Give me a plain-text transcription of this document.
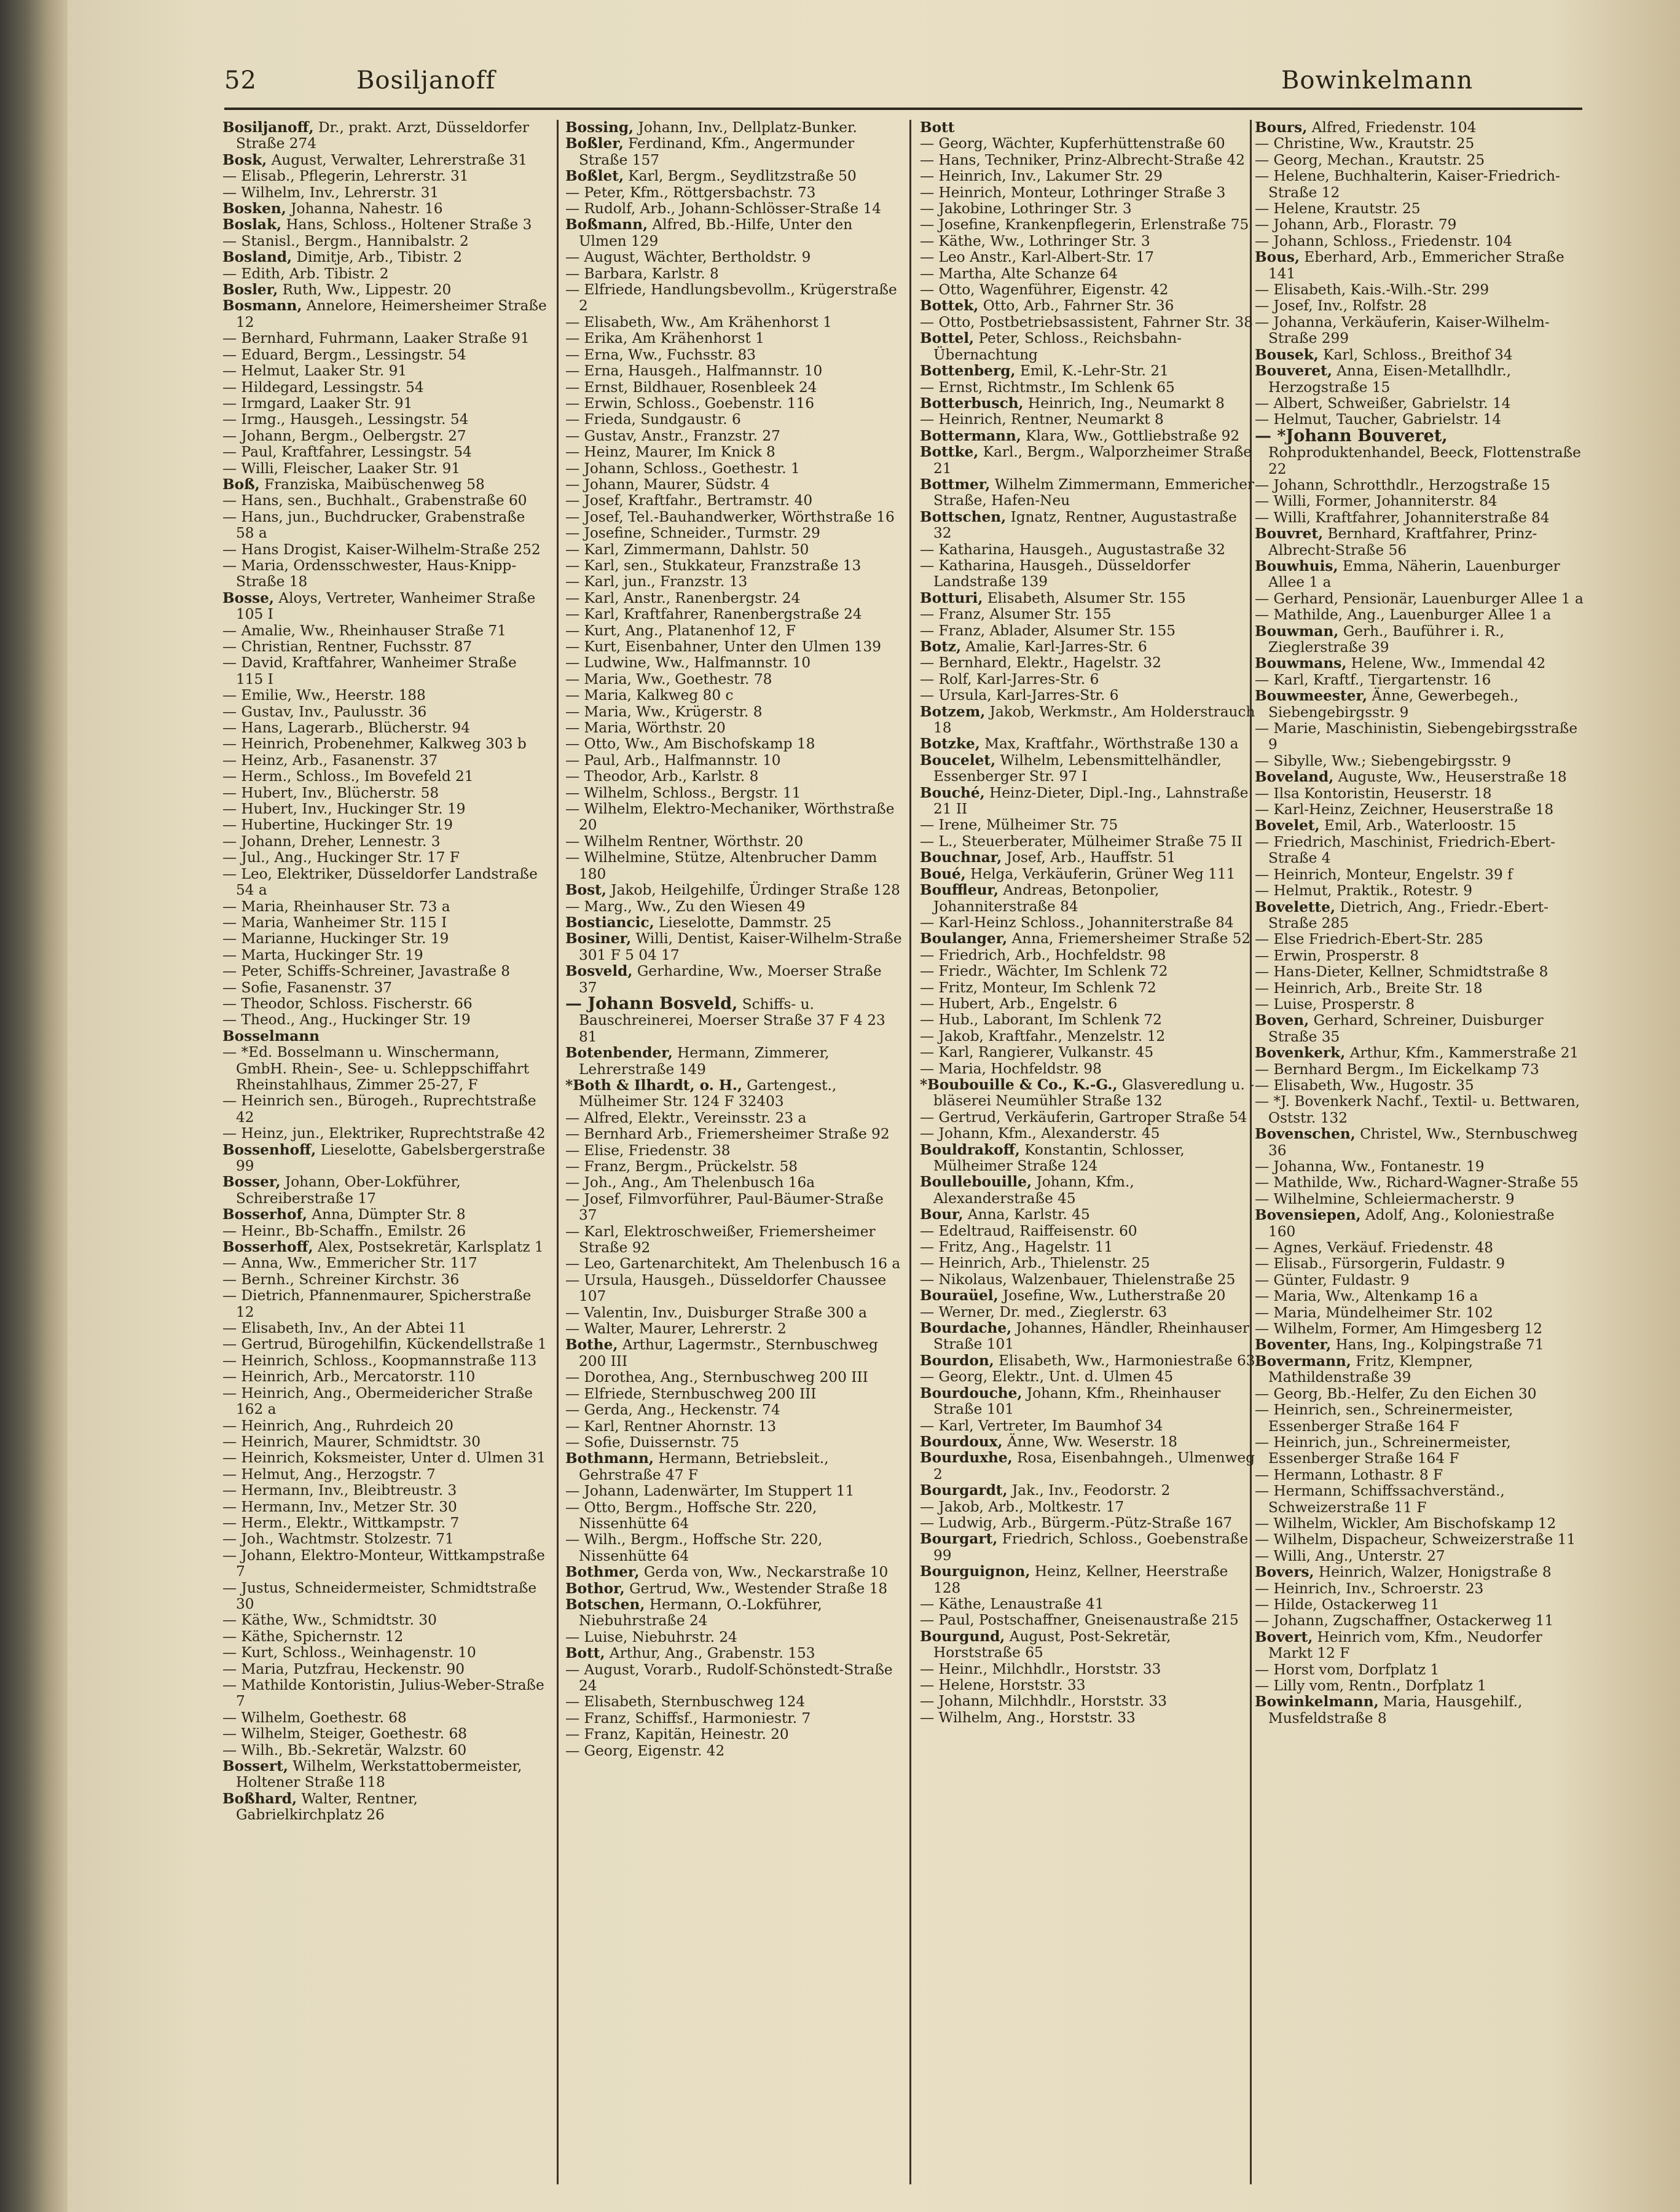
52	Bosiljanoff	Bowinkelmann

Bosiljanoff, Dr., prakt. Arzt, Düsseldorfer Straße 274

Bosk, August, Verwalter, Lehrerstraße 31

— Elisab., Pflegerin, Lehrerstr. 31

— Wilhelm, Inv., Lehrerstr. 31

Bosken, Johanna, Nahestr. 16

Boslak, Hans, Schloss., Holtener Straße 3

— Stanisl., Bergm., Hannibalstr. 2

Bosland, Dimitje, Arb., Tibistr. 2

— Edith, Arb. Tibistr. 2

Bosler, Ruth, Ww., Lippestr. 20

Bosmann, Annelore, Heimersheimer Straße 12

— Bernhard, Fuhrmann, Laaker Straße 91

— Eduard, Bergm., Lessingstr. 54

— Helmut, Laaker Str. 91

— Hildegard, Lessingstr. 54

— Irmgard, Laaker Str. 91

— Irmg., Hausgeh., Lessingstr. 54

— Johann, Bergm., Oelbergstr. 27

— Paul, Kraftfahrer, Lessingstr. 54

— Willi, Fleischer, Laaker Str. 91

Boß, Franziska, Maibüschenweg 58

— Hans, sen., Buchhalt., Grabenstraße 60

— Hans, jun., Buchdrucker, Grabenstraße 58 a

— Hans Drogist, Kaiser-Wilhelm-Straße 252

— Maria, Ordensschwester, Haus-Knipp-Straße 18

Bosse, Aloys, Vertreter, Wanheimer Straße 105 I

— Amalie, Ww., Rheinhauser Straße 71

— Christian, Rentner, Fuchsstr. 87

— David, Kraftfahrer, Wanheimer Straße 115 I

— Emilie, Ww., Heerstr. 188

— Gustav, Inv., Paulusstr. 36

— Hans, Lagerarb., Blücherstr. 94

— Heinrich, Probenehmer, Kalkweg 303 b

— Heinz, Arb., Fasanenstr. 37

— Herm., Schloss., Im Bovefeld 21

— Hubert, Inv., Blücherstr. 58

— Hubert, Inv., Huckinger Str. 19

— Hubertine, Huckinger Str. 19

— Johann, Dreher, Lennestr. 3

— Jul., Ang., Huckinger Str. 17 F

— Leo, Elektriker, Düsseldorfer Landstraße 54 a

— Maria, Rheinhauser Str. 73 a

— Maria, Wanheimer Str. 115 I

— Marianne, Huckinger Str. 19

— Marta, Huckinger Str. 19

— Peter, Schiffs-Schreiner, Javastraße 8

— Sofie, Fasanenstr. 37

— Theodor, Schloss. Fischerstr. 66

— Theod., Ang., Huckinger Str. 19

Bosselmann

— *Ed. Bosselmann u. Winschermann, GmbH. Rhein-, See- u. Schleppschiffahrt Rheinstahlhaus, Zimmer 25-27, F

— Heinrich sen., Bürogeh., Ruprechtstraße 42

— Heinz, jun., Elektriker, Ruprechtstraße 42

Bossenhoff, Lieselotte, Gabelsbergerstraße 99

Bosser, Johann, Ober-Lokführer, Schreiberstraße 17

Bosserhof, Anna, Dümpter Str. 8

— Heinr., Bb-Schaffn., Emilstr. 26

Bosserhoff, Alex, Postsekretär, Karlsplatz 1

— Anna, Ww., Emmericher Str. 117

— Bernh., Schreiner Kirchstr. 36

— Dietrich, Pfannenmaurer, Spicherstraße 12

— Elisabeth, Inv., An der Abtei 11

— Gertrud, Bürogehilfin, Kückendellstraße 1

— Heinrich, Schloss., Koopmannstraße 113

— Heinrich, Arb., Mercatorstr. 110

— Heinrich, Ang., Obermeidericher Straße 162 a

— Heinrich, Ang., Ruhrdeich 20

— Heinrich, Maurer, Schmidtstr. 30

— Heinrich, Koksmeister, Unter d. Ulmen 31

— Helmut, Ang., Herzogstr. 7

— Hermann, Inv., Bleibtreustr. 3

— Hermann, Inv., Metzer Str. 30

— Herm., Elektr., Wittkampstr. 7

— Joh., Wachtmstr. Stolzestr. 71

— Johann, Elektro-Monteur, Wittkampstraße 7

— Justus, Schneidermeister, Schmidtstraße 30

— Käthe, Ww., Schmidtstr. 30

— Käthe, Spichernstr. 12

— Kurt, Schloss., Weinhagenstr. 10

— Maria, Putzfrau, Heckenstr. 90

— Mathilde Kontoristin, Julius-Weber-Straße 7

— Wilhelm, Goethestr. 68

— Wilhelm, Steiger, Goethestr. 68

— Wilh., Bb.-Sekretär, Walzstr. 60

Bossert, Wilhelm, Werkstattobermeister, Holtener Straße 118

Boßhard, Walter, Rentner, Gabrielkirchplatz 26

Bossing, Johann, Inv., Dellplatz-Bunker.

Boßler, Ferdinand, Kfm., Angermunder Straße 157

Boßlet, Karl, Bergm., Seydlitzstraße 50

— Peter, Kfm., Röttgersbachstr. 73

— Rudolf, Arb., Johann-Schlösser-Straße 14

Boßmann, Alfred, Bb.-Hilfe, Unter den Ulmen 129

— August, Wächter, Bertholdstr. 9

— Barbara, Karlstr. 8

— Elfriede, Handlungsbevollm., Krügerstraße 2

— Elisabeth, Ww., Am Krähenhorst 1

— Erika, Am Krähenhorst 1

— Erna, Ww., Fuchsstr. 83

— Erna, Hausgeh., Halfmannstr. 10

— Ernst, Bildhauer, Rosenbleek 24

— Erwin, Schloss., Goebenstr. 116

— Frieda, Sundgaustr. 6

— Gustav, Anstr., Franzstr. 27

— Heinz, Maurer, Im Knick 8

— Johann, Schloss., Goethestr. 1

— Johann, Maurer, Südstr. 4

— Josef, Kraftfahr., Bertramstr. 40

— Josef, Tel.-Bauhandwerker, Wörthstraße 16

— Josefine, Schneider., Turmstr. 29

— Karl, Zimmermann, Dahlstr. 50

— Karl, sen., Stukkateur, Franzstraße 13

— Karl, jun., Franzstr. 13

— Karl, Anstr., Ranenbergstr. 24

— Karl, Kraftfahrer, Ranenbergstraße 24

— Kurt, Ang., Platanenhof 12, F

— Kurt, Eisenbahner, Unter den Ulmen 139

— Ludwine, Ww., Halfmannstr. 10

— Maria, Ww., Goethestr. 78

— Maria, Kalkweg 80 c

— Maria, Ww., Krügerstr. 8

— Maria, Wörthstr. 20

— Otto, Ww., Am Bischofskamp 18

— Paul, Arb., Halfmannstr. 10

— Theodor, Arb., Karlstr. 8

— Wilhelm, Schloss., Bergstr. 11

— Wilhelm, Elektro-Mechaniker, Wörthstraße 20

— Wilhelm Rentner, Wörthstr. 20

— Wilhelmine, Stütze, Altenbrucher Damm 180

Bost, Jakob, Heilgehilfe, Ürdinger Straße 128

— Marg., Ww., Zu den Wiesen 49

Bostiancic, Lieselotte, Dammstr. 25

Bosiner, Willi, Dentist, Kaiser-Wilhelm-Straße 301 F 5 04 17

Bosveld, Gerhardine, Ww., Moerser Straße 37

— Johann Bosveld, Schiffs- u. Bauschreinerei, Moerser Straße 37 F 4 23 81

Botenbender, Hermann, Zimmerer, Lehrerstraße 149

*Both & Ilhardt, o. H., Gartengest., Mülheimer Str. 124 F 32403

— Alfred, Elektr., Vereinsstr. 23 a

— Bernhard Arb., Friemersheimer Straße 92

— Elise, Friedenstr. 38

— Franz, Bergm., Prückelstr. 58

— Joh., Ang., Am Thelenbusch 16a

— Josef, Filmvorführer, Paul-Bäumer-Straße 37

— Karl, Elektroschweißer, Friemersheimer Straße 92

— Leo, Gartenarchitekt, Am Thelenbusch 16 a

— Ursula, Hausgeh., Düsseldorfer Chaussee 107

— Valentin, Inv., Duisburger Straße 300 a

— Walter, Maurer, Lehrerstr. 2

Bothe, Arthur, Lagermstr., Sternbuschweg 200 III

— Dorothea, Ang., Sternbuschweg 200 III

— Elfriede, Sternbuschweg 200 III

— Gerda, Ang., Heckenstr. 74

— Karl, Rentner Ahornstr. 13

— Sofie, Duissernstr. 75

Bothmann, Hermann, Betriebsleit., Gehrstraße 47 F

— Johann, Ladenwärter, Im Stuppert 11

— Otto, Bergm., Hoffsche Str. 220, Nissenhütte 64

— Wilh., Bergm., Hoffsche Str. 220, Nissenhütte 64

Bothmer, Gerda von, Ww., Neckarstraße 10

Bothor, Gertrud, Ww., Westender Straße 18

Botschen, Hermann, O.-Lokführer, Niebuhrstraße 24

— Luise, Niebuhrstr. 24

Bott, Arthur, Ang., Grabenstr. 153

— August, Vorarb., Rudolf-Schönstedt-Straße 24

— Elisabeth, Sternbuschweg 124

— Franz, Schiffsf., Harmoniestr. 7

— Franz, Kapitän, Heinestr. 20

— Georg, Eigenstr. 42

Bott

— Georg, Wächter, Kupferhüttenstraße 60

— Hans, Techniker, Prinz-Albrecht-Straße 42

— Heinrich, Inv., Lakumer Str. 29

— Heinrich, Monteur, Lothringer Straße 3

— Jakobine, Lothringer Str. 3

— Josefine, Krankenpflegerin, Erlenstraße 75

— Käthe, Ww., Lothringer Str. 3

— Leo Anstr., Karl-Albert-Str. 17

— Martha, Alte Schanze 64

— Otto, Wagenführer, Eigenstr. 42

Bottek, Otto, Arb., Fahrner Str. 36

— Otto, Postbetriebsassistent, Fahrner Str. 38

Bottel, Peter, Schloss., Reichsbahn-Übernachtung

Bottenberg, Emil, K.-Lehr-Str. 21

— Ernst, Richtmstr., Im Schlenk 65

Botterbusch, Heinrich, Ing., Neumarkt 8

— Heinrich, Rentner, Neumarkt 8

Bottermann, Klara, Ww., Gottliebstraße 92

Bottke, Karl., Bergm., Walporzheimer Straße 21

Bottmer, Wilhelm Zimmermann, Emmericher Straße, Hafen-Neu

Bottschen, Ignatz, Rentner, Augustastraße 32

— Katharina, Hausgeh., Augustastraße 32

— Katharina, Hausgeh., Düsseldorfer Landstraße 139

Botturi, Elisabeth, Alsumer Str. 155

— Franz, Alsumer Str. 155

— Franz, Ablader, Alsumer Str. 155

Botz, Amalie, Karl-Jarres-Str. 6

— Bernhard, Elektr., Hagelstr. 32

— Rolf, Karl-Jarres-Str. 6

— Ursula, Karl-Jarres-Str. 6

Botzem, Jakob, Werkmstr., Am Holderstrauch 18

Botzke, Max, Kraftfahr., Wörthstraße 130 a

Boucelet, Wilhelm, Lebensmittelhändler, Essenberger Str. 97 I

Bouché, Heinz-Dieter, Dipl.-Ing., Lahnstraße 21 II

— Irene, Mülheimer Str. 75

— L., Steuerberater, Mülheimer Straße 75 II

Bouchnar, Josef, Arb., Hauffstr. 51

Boué, Helga, Verkäuferin, Grüner Weg 111

Bouffleur, Andreas, Betonpolier, Johanniterstraße 84

— Karl-Heinz Schloss., Johanniterstraße 84

Boulanger, Anna, Friemersheimer Straße 52

— Friedrich, Arb., Hochfeldstr. 98

— Friedr., Wächter, Im Schlenk 72

— Fritz, Monteur, Im Schlenk 72

— Hubert, Arb., Engelstr. 6

— Hub., Laborant, Im Schlenk 72

— Jakob, Kraftfahr., Menzelstr. 12

— Karl, Rangierer, Vulkanstr. 45

— Maria, Hochfeldstr. 98

*Boubouille & Co., K.-G., Glasveredlung u. -bläserei Neumühler Straße 132

— Gertrud, Verkäuferin, Gartroper Straße 54

— Johann, Kfm., Alexanderstr. 45

Bouldrakoff, Konstantin, Schlosser, Mülheimer Straße 124

Boullebouille, Johann, Kfm., Alexanderstraße 45

Bour, Anna, Karlstr. 45

— Edeltraud, Raiffeisenstr. 60

— Fritz, Ang., Hagelstr. 11

— Heinrich, Arb., Thielenstr. 25

— Nikolaus, Walzenbauer, Thielenstraße 25

Bouraüel, Josefine, Ww., Lutherstraße 20

— Werner, Dr. med., Zieglerstr. 63

Bourdache, Johannes, Händler, Rheinhauser Straße 101

Bourdon, Elisabeth, Ww., Harmoniestraße 63

— Georg, Elektr., Unt. d. Ulmen 45

Bourdouche, Johann, Kfm., Rheinhauser Straße 101

— Karl, Vertreter, Im Baumhof 34

Bourdoux, Änne, Ww. Weserstr. 18

Bourduxhe, Rosa, Eisenbahngeh., Ulmenweg 2

Bourgardt, Jak., Inv., Feodorstr. 2

— Jakob, Arb., Moltkestr. 17

— Ludwig, Arb., Bürgerm.-Pütz-Straße 167

Bourgart, Friedrich, Schloss., Goebenstraße 99

Bourguignon, Heinz, Kellner, Heerstraße 128

— Käthe, Lenaustraße 41

— Paul, Postschaffner, Gneisenaustraße 215

Bourgund, August, Post-Sekretär, Horststraße 65

— Heinr., Milchhdlr., Horststr. 33

— Helene, Horststr. 33

— Johann, Milchhdlr., Horststr. 33

— Wilhelm, Ang., Horststr. 33

Bours, Alfred, Friedenstr. 104

— Christine, Ww., Krautstr. 25

— Georg, Mechan., Krautstr. 25

— Helene, Buchhalterin, Kaiser-Friedrich-Straße 12

— Helene, Krautstr. 25

— Johann, Arb., Florastr. 79

— Johann, Schloss., Friedenstr. 104

Bous, Eberhard, Arb., Emmericher Straße 141

— Elisabeth, Kais.-Wilh.-Str. 299

— Josef, Inv., Rolfstr. 28

— Johanna, Verkäuferin, Kaiser-Wilhelm-Straße 299

Bousek, Karl, Schloss., Breithof 34

Bouveret, Anna, Eisen-Metallhdlr., Herzogstraße 15

— Albert, Schweißer, Gabrielstr. 14

— Helmut, Taucher, Gabrielstr. 14

— *Johann Bouveret, Rohproduktenhandel, Beeck, Flottenstraße 22

— Johann, Schrotthdlr., Herzogstraße 15

— Willi, Former, Johanniterstr. 84

— Willi, Kraftfahrer, Johanniterstraße 84

Bouvret, Bernhard, Kraftfahrer, Prinz-Albrecht-Straße 56

Bouwhuis, Emma, Näherin, Lauenburger Allee 1 a

— Gerhard, Pensionär, Lauenburger Allee 1 a

— Mathilde, Ang., Lauenburger Allee 1 a

Bouwman, Gerh., Bauführer i. R., Zieglerstraße 39

Bouwmans, Helene, Ww., Immendal 42

— Karl, Kraftf., Tiergartenstr. 16

Bouwmeester, Änne, Gewerbegeh., Siebengebirgsstr. 9

— Marie, Maschinistin, Siebengebirgsstraße 9

— Sibylle, Ww.; Siebengebirgsstr. 9

Boveland, Auguste, Ww., Heuserstraße 18

— Ilsa Kontoristin, Heuserstr. 18

— Karl-Heinz, Zeichner, Heuserstraße 18

Bovelet, Emil, Arb., Waterloostr. 15

— Friedrich, Maschinist, Friedrich-Ebert-Straße 4

— Heinrich, Monteur, Engelstr. 39 f

— Helmut, Praktik., Rotestr. 9

Bovelette, Dietrich, Ang., Friedr.-Ebert-Straße 285

— Else Friedrich-Ebert-Str. 285

— Erwin, Prosperstr. 8

— Hans-Dieter, Kellner, Schmidtstraße 8

— Heinrich, Arb., Breite Str. 18

— Luise, Prosperstr. 8

Boven, Gerhard, Schreiner, Duisburger Straße 35

Bovenkerk, Arthur, Kfm., Kammerstraße 21

— Bernhard Bergm., Im Eickelkamp 73

— Elisabeth, Ww., Hugostr. 35

— *J. Bovenkerk Nachf., Textil- u. Bettwaren, Oststr. 132

Bovenschen, Christel, Ww., Sternbuschweg 36

— Johanna, Ww., Fontanestr. 19

— Mathilde, Ww., Richard-Wagner-Straße 55

— Wilhelmine, Schleiermacherstr. 9

Bovensiepen, Adolf, Ang., Koloniestraße 160

— Agnes, Verkäuf. Friedenstr. 48

— Elisab., Fürsorgerin, Fuldastr. 9

— Günter, Fuldastr. 9

— Maria, Ww., Altenkamp 16 a

— Maria, Mündelheimer Str. 102

— Wilhelm, Former, Am Himgesberg 12

Boventer, Hans, Ing., Kolpingstraße 71

Bovermann, Fritz, Klempner, Mathildenstraße 39

— Georg, Bb.-Helfer, Zu den Eichen 30

— Heinrich, sen., Schreinermeister, Essenberger Straße 164 F

— Heinrich, jun., Schreinermeister, Essenberger Straße 164 F

— Hermann, Lothastr. 8 F

— Hermann, Schiffssachverständ., Schweizerstraße 11 F

— Wilhelm, Wickler, Am Bischofskamp 12

— Wilhelm, Dispacheur, Schweizerstraße 11

— Willi, Ang., Unterstr. 27

Bovers, Heinrich, Walzer, Honigstraße 8

— Heinrich, Inv., Schroerstr. 23

— Hilde, Ostackerweg 11

— Johann, Zugschaffner, Ostackerweg 11

Bovert, Heinrich vom, Kfm., Neudorfer Markt 12 F

— Horst vom, Dorfplatz 1

— Lilly vom, Rentn., Dorfplatz 1

Bowinkelmann, Maria, Hausgehilf., Musfeldstraße 8
